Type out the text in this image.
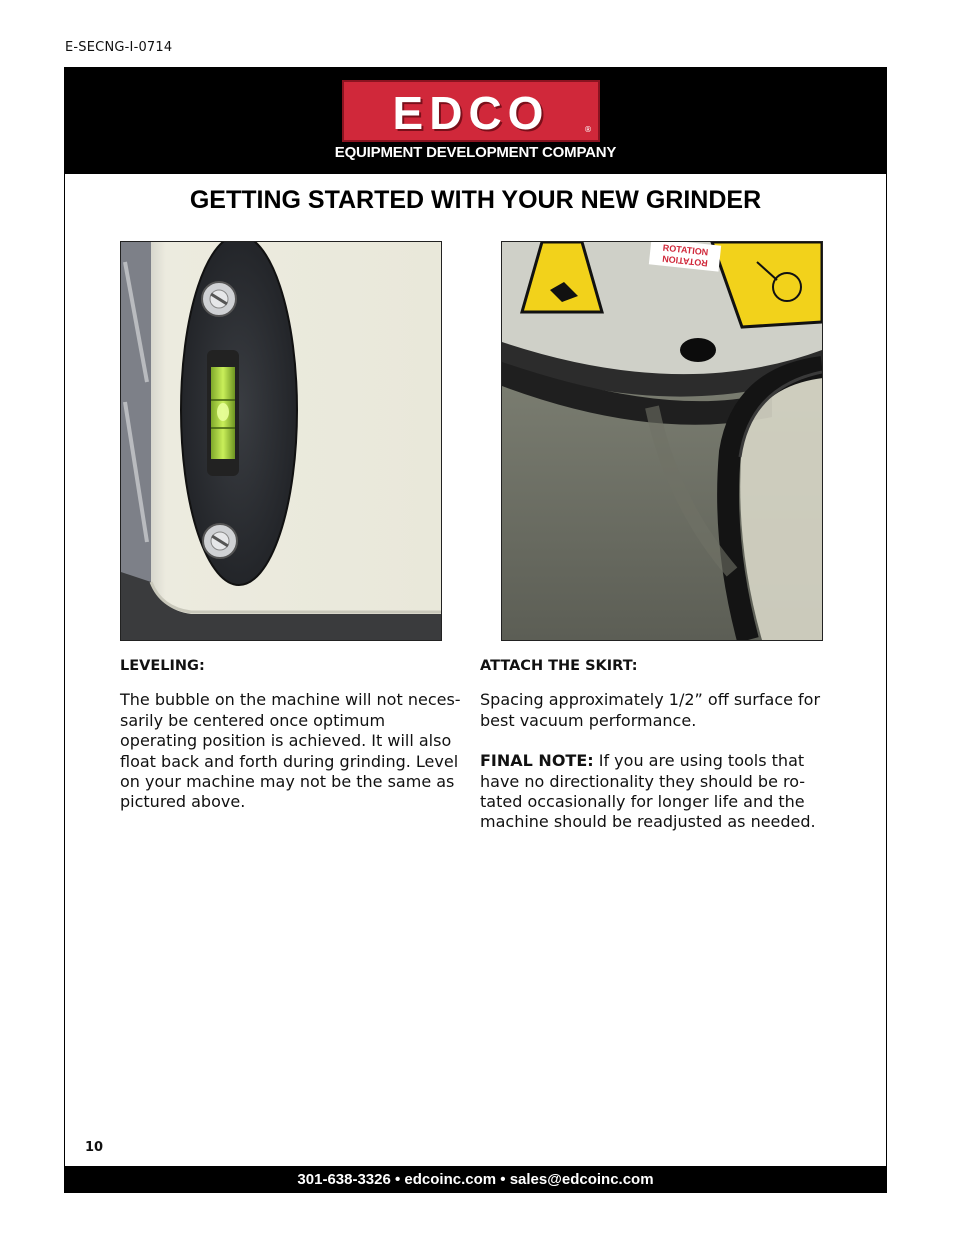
E-SECNG-I-0714
EDCO	®
EQUIPMENT DEVELOPMENT COMPANY
GETTING STARTED WITH YOUR NEW GRINDER
ROTATION
ROTATION
LEVELING:

The bubble on the machine will not neces-sarily be centered once optimum operating position is achieved. It will also float back and forth during grinding. Level on your machine may not be the same as pictured above.

ATTACH THE SKIRT:

Spacing approximately 1/2” off surface for best vacuum performance.

FINAL NOTE: If you are using tools that have no directionality they should be ro-tated occasionally for longer life and the machine should be readjusted as needed.

10
301-638-3326 • edcoinc.com • sales@edcoinc.com
